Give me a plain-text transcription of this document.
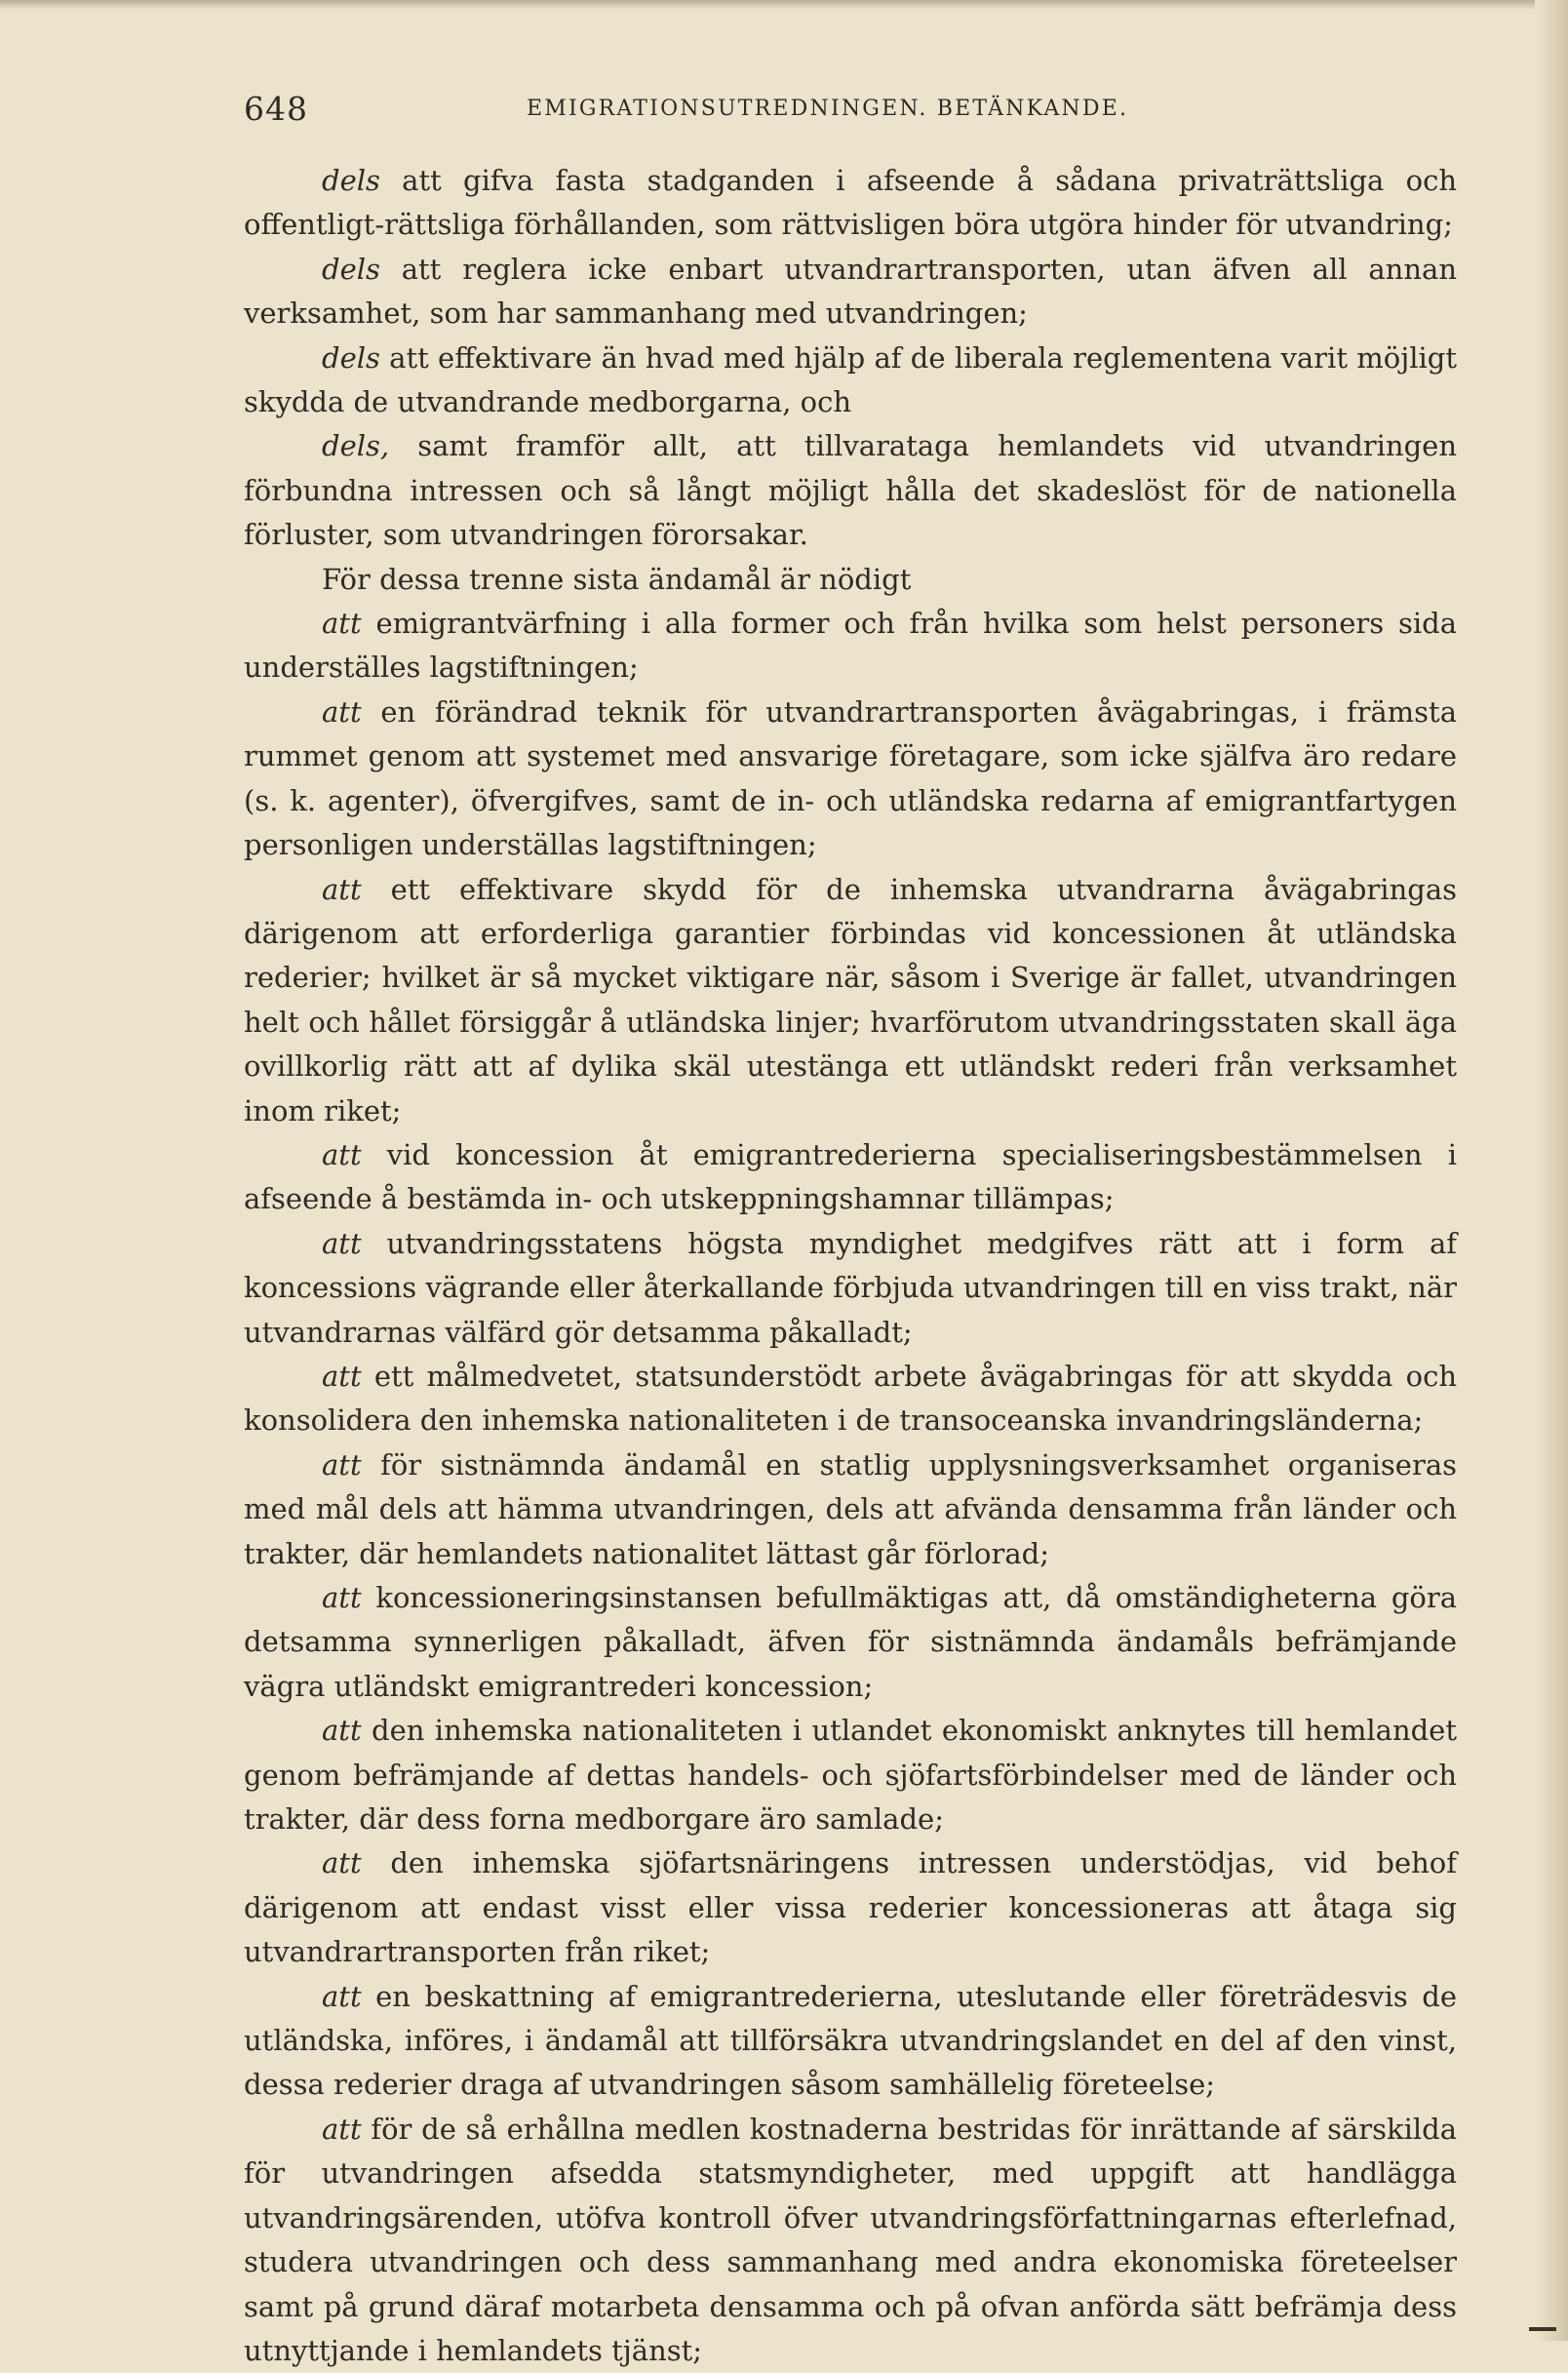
648	EMIGRATIONSUTREDNINGEN. BETÄNKANDE.

dels att gifva fasta stadganden i afseende å sådana privaträttsliga och offentligt-rättsliga förhållanden, som rättvisligen böra utgöra hinder för utvandring;

dels att reglera icke enbart utvandrartransporten, utan äfven all annan verksamhet, som har sammanhang med utvandringen;

dels att effektivare än hvad med hjälp af de liberala reglementena varit möjligt skydda de utvandrande medborgarna, och

dels, samt framför allt, att tillvarataga hemlandets vid utvandringen förbundna intressen och så långt möjligt hålla det skadeslöst för de nationella förluster, som utvandringen förorsakar.

För dessa trenne sista ändamål är nödigt

att emigrantvärfning i alla former och från hvilka som helst personers sida underställes lagstiftningen;

att en förändrad teknik för utvandrartransporten åvägabringas, i främsta rummet genom att systemet med ansvarige företagare, som icke själfva äro redare (s. k. agenter), öfvergifves, samt de in- och utländska redarna af emigrantfartygen personligen underställas lagstiftningen;

att ett effektivare skydd för de inhemska utvandrarna åvägabringas därigenom att erforderliga garantier förbindas vid koncessionen åt utländska rederier; hvilket är så mycket viktigare när, såsom i Sverige är fallet, utvandringen helt och hållet försiggår å utländska linjer; hvarförutom utvandringsstaten skall äga ovillkorlig rätt att af dylika skäl utestänga ett utländskt rederi från verksamhet inom riket;

att vid koncession åt emigrantrederierna specialiseringsbestämmelsen i afseende å bestämda in- och utskeppningshamnar tillämpas;

att utvandringsstatens högsta myndighet medgifves rätt att i form af koncessions vägrande eller återkallande förbjuda utvandringen till en viss trakt, när utvandrarnas välfärd gör detsamma påkalladt;

att ett målmedvetet, statsunderstödt arbete åvägabringas för att skydda och konsolidera den inhemska nationaliteten i de transoceanska invandringsländerna;

att för sistnämnda ändamål en statlig upplysningsverksamhet organiseras med mål dels att hämma utvandringen, dels att afvända densamma från länder och trakter, där hemlandets nationalitet lättast går förlorad;

att koncessioneringsinstansen befullmäktigas att, då omständigheterna göra detsamma synnerligen påkalladt, äfven för sistnämnda ändamåls befrämjande vägra utländskt emigrantrederi koncession;

att den inhemska nationaliteten i utlandet ekonomiskt anknytes till hemlandet genom befrämjande af dettas handels- och sjöfartsförbindelser med de länder och trakter, där dess forna medborgare äro samlade;

att den inhemska sjöfartsnäringens intressen understödjas, vid behof därigenom att endast visst eller vissa rederier koncessioneras att åtaga sig utvandrartransporten från riket;

att en beskattning af emigrantrederierna, uteslutande eller företrädesvis de utländska, införes, i ändamål att tillförsäkra utvandringslandet en del af den vinst, dessa rederier draga af utvandringen såsom samhällelig företeelse;

att för de så erhållna medlen kostnaderna bestridas för inrättande af särskilda för utvandringen afsedda statsmyndigheter, med uppgift att handlägga utvandringsärenden, utöfva kontroll öfver utvandringsförfattningarnas efterlefnad, studera utvandringen och dess sammanhang med andra ekonomiska företeelser samt på grund däraf motarbeta densamma och på ofvan anförda sätt befrämja dess utnyttjande i hemlandets tjänst;
